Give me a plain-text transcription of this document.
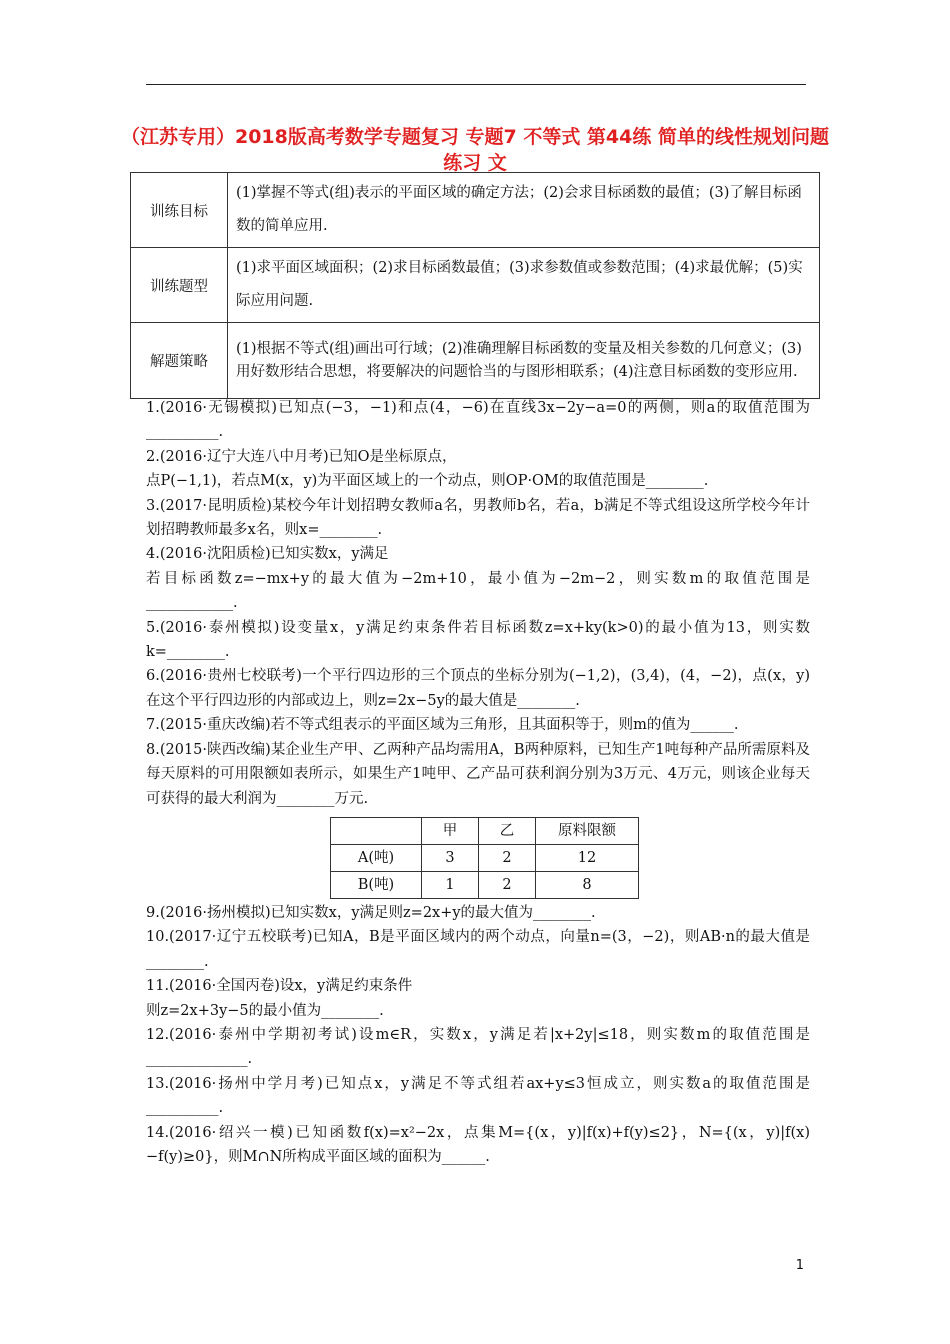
（江苏专用）2018版高考数学专题复习 专题7 不等式 第44练 简单的线性规划问题练习 文
训练目标	(1)掌握不等式(组)表示的平面区域的确定方法；(2)会求目标函数的最值；(3)了解目标函数的简单应用.
训练题型	(1)求平面区域面积；(2)求目标函数最值；(3)求参数值或参数范围；(4)求最优解；(5)实际应用问题.
解题策略	(1)根据不等式(组)画出可行域；(2)准确理解目标函数的变量及相关参数的几何意义；(3)用好数形结合思想，将要解决的问题恰当的与图形相联系；(4)注意目标函数的变形应用.

1.(2016·无锡模拟)已知点(−3，−1)和点(4，−6)在直线3x−2y−a=0的两侧，则a的取值范围为__________.

2.(2016·辽宁大连八中月考)已知O是坐标原点，

点P(−1,1)，若点M(x，y)为平面区域上的一个动点，则OP·OM的取值范围是________.

3.(2017·昆明质检)某校今年计划招聘女教师a名，男教师b名，若a，b满足不等式组设这所学校今年计划招聘教师最多x名，则x=________.

4.(2016·沈阳质检)已知实数x，y满足

若目标函数z=−mx+y的最大值为−2m+10，最小值为−2m−2，则实数m的取值范围是____________.

5.(2016·泰州模拟)设变量x，y满足约束条件若目标函数z=x+ky(k>0)的最小值为13，则实数k=________.

6.(2016·贵州七校联考)一个平行四边形的三个顶点的坐标分别为(−1,2)，(3,4)，(4，−2)，点(x，y)在这个平行四边形的内部或边上，则z=2x−5y的最大值是________.

7.(2015·重庆改编)若不等式组表示的平面区域为三角形，且其面积等于，则m的值为______.

8.(2015·陕西改编)某企业生产甲、乙两种产品均需用A，B两种原料，已知生产1吨每种产品所需原料及每天原料的可用限额如表所示，如果生产1吨甲、乙产品可获利润分别为3万元、4万元，则该企业每天可获得的最大利润为________万元.

	甲	乙	原料限额
A(吨)	3	2	12
B(吨)	1	2	8

9.(2016·扬州模拟)已知实数x，y满足则z=2x+y的最大值为________.

10.(2017·辽宁五校联考)已知A，B是平面区域内的两个动点，向量n=(3，−2)，则AB·n的最大值是________.

11.(2016·全国丙卷)设x，y满足约束条件

则z=2x+3y−5的最小值为________.

12.(2016·泰州中学期初考试)设m∈R，实数x，y满足若|x+2y|≤18，则实数m的取值范围是______________.

13.(2016·扬州中学月考)已知点x，y满足不等式组若ax+y≤3恒成立，则实数a的取值范围是__________.

14.(2016·绍兴一模)已知函数f(x)=x²−2x，点集M={(x，y)|f(x)+f(y)≤2}，N={(x，y)|f(x)−f(y)≥0}，则M∩N所构成平面区域的面积为______.

1
